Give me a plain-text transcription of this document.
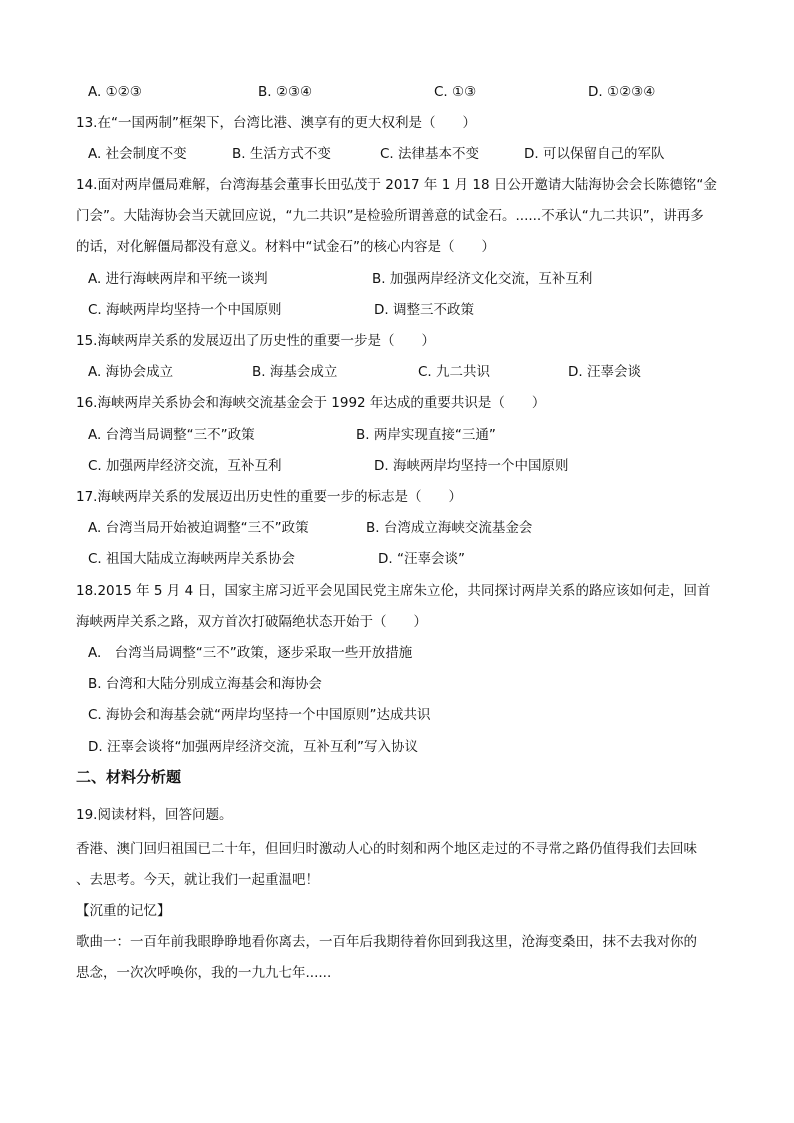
A. ①②③	B. ②③④	C. ①③	D. ①②③④
13.在“一国两制”框架下，台湾比港、澳享有的更大权利是（　　）
A. 社会制度不变	B. 生活方式不变	C. 法律基本不变	D. 可以保留自己的军队
14.面对两岸僵局难解，台湾海基会董事长田弘茂于 2017 年 1 月 18 日公开邀请大陆海协会会长陈德铭“金
门会”。大陆海协会当天就回应说，“九二共识”是检验所谓善意的试金石。......不承认“九二共识”，讲再多
的话，对化解僵局都没有意义。材料中“试金石”的核心内容是（　　）
A. 进行海峡两岸和平统一谈判	B. 加强两岸经济文化交流，互补互利
C. 海峡两岸均坚持一个中国原则	D. 调整三不政策
15.海峡两岸关系的发展迈出了历史性的重要一步是（　　）
A. 海协会成立	B. 海基会成立	C. 九二共识	D. 汪辜会谈
16.海峡两岸关系协会和海峡交流基金会于 1992 年达成的重要共识是（　　）
A. 台湾当局调整“三不”政策	B. 两岸实现直接“三通”
C. 加强两岸经济交流，互补互利	D. 海峡两岸均坚持一个中国原则
17.海峡两岸关系的发展迈出历史性的重要一步的标志是（　　）
A. 台湾当局开始被迫调整“三不”政策	B. 台湾成立海峡交流基金会
C. 祖国大陆成立海峡两岸关系协会	D. “汪辜会谈”
18.2015 年 5 月 4 日，国家主席习近平会见国民党主席朱立伦，共同探讨两岸关系的路应该如何走，回首
海峡两岸关系之路，双方首次打破隔绝状态开始于（　　）
A.　台湾当局调整“三不”政策，逐步采取一些开放措施
B. 台湾和大陆分别成立海基会和海协会
C. 海协会和海基会就“两岸均坚持一个中国原则”达成共识
D. 汪辜会谈将“加强两岸经济交流，互补互利”写入协议
二、材料分析题
19.阅读材料，回答问题。
香港、澳门回归祖国已二十年，但回归时激动人心的时刻和两个地区走过的不寻常之路仍值得我们去回味
、去思考。今天，就让我们一起重温吧！
【沉重的记忆】
歌曲一：一百年前我眼睁睁地看你离去，一百年后我期待着你回到我这里，沧海变桑田，抹不去我对你的
思念，一次次呼唤你，我的一九九七年......
